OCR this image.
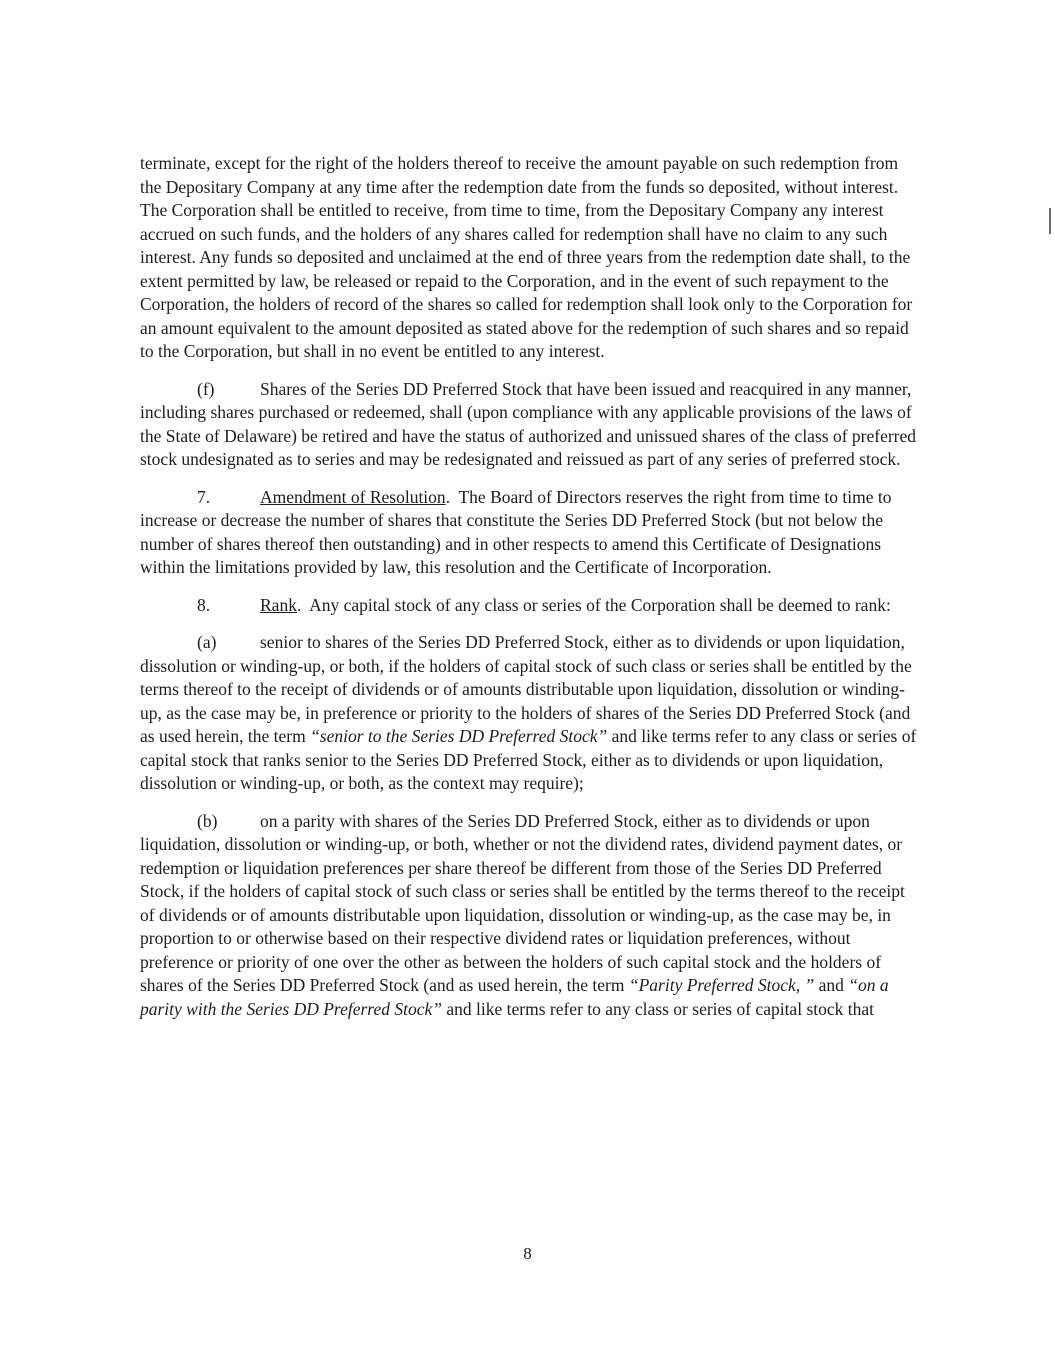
terminate, except for the right of the holders thereof to receive the amount payable on such redemption from the Depositary Company at any time after the redemption date from the funds so deposited, without interest. The Corporation shall be entitled to receive, from time to time, from the Depositary Company any interest accrued on such funds, and the holders of any shares called for redemption shall have no claim to any such interest. Any funds so deposited and unclaimed at the end of three years from the redemption date shall, to the extent permitted by law, be released or repaid to the Corporation, and in the event of such repayment to the Corporation, the holders of record of the shares so called for redemption shall look only to the Corporation for an amount equivalent to the amount deposited as stated above for the redemption of such shares and so repaid to the Corporation, but shall in no event be entitled to any interest.

(f)	Shares of the Series DD Preferred Stock that have been issued and reacquired in any manner, including shares purchased or redeemed, shall (upon compliance with any applicable provisions of the laws of the State of Delaware) be retired and have the status of authorized and unissued shares of the class of preferred stock undesignated as to series and may be redesignated and reissued as part of any series of preferred stock.

7.	Amendment of Resolution.  The Board of Directors reserves the right from time to time to increase or decrease the number of shares that constitute the Series DD Preferred Stock (but not below the number of shares thereof then outstanding) and in other respects to amend this Certificate of Designations within the limitations provided by law, this resolution and the Certificate of Incorporation.

8.	Rank.  Any capital stock of any class or series of the Corporation shall be deemed to rank:

(a) senior to shares of the Series DD Preferred Stock, either as to dividends or upon liquidation, dissolution or winding-up, or both, if the holders of capital stock of such class or series shall be entitled by the terms thereof to the receipt of dividends or of amounts distributable upon liquidation, dissolution or winding-up, as the case may be, in preference or priority to the holders of shares of the Series DD Preferred Stock (and as used herein, the term “senior to the Series DD Preferred Stock” and like terms refer to any class or series of capital stock that ranks senior to the Series DD Preferred Stock, either as to dividends or upon liquidation, dissolution or winding-up, or both, as the context may require);

(b) on a parity with shares of the Series DD Preferred Stock, either as to dividends or upon liquidation, dissolution or winding-up, or both, whether or not the dividend rates, dividend payment dates, or redemption or liquidation preferences per share thereof be different from those of the Series DD Preferred Stock, if the holders of capital stock of such class or series shall be entitled by the terms thereof to the receipt of dividends or of amounts distributable upon liquidation, dissolution or winding-up, as the case may be, in proportion to or otherwise based on their respective dividend rates or liquidation preferences, without preference or priority of one over the other as between the holders of such capital stock and the holders of shares of the Series DD Preferred Stock (and as used herein, the term “Parity Preferred Stock, ” and “on a parity with the Series DD Preferred Stock” and like terms refer to any class or series of capital stock that

8
